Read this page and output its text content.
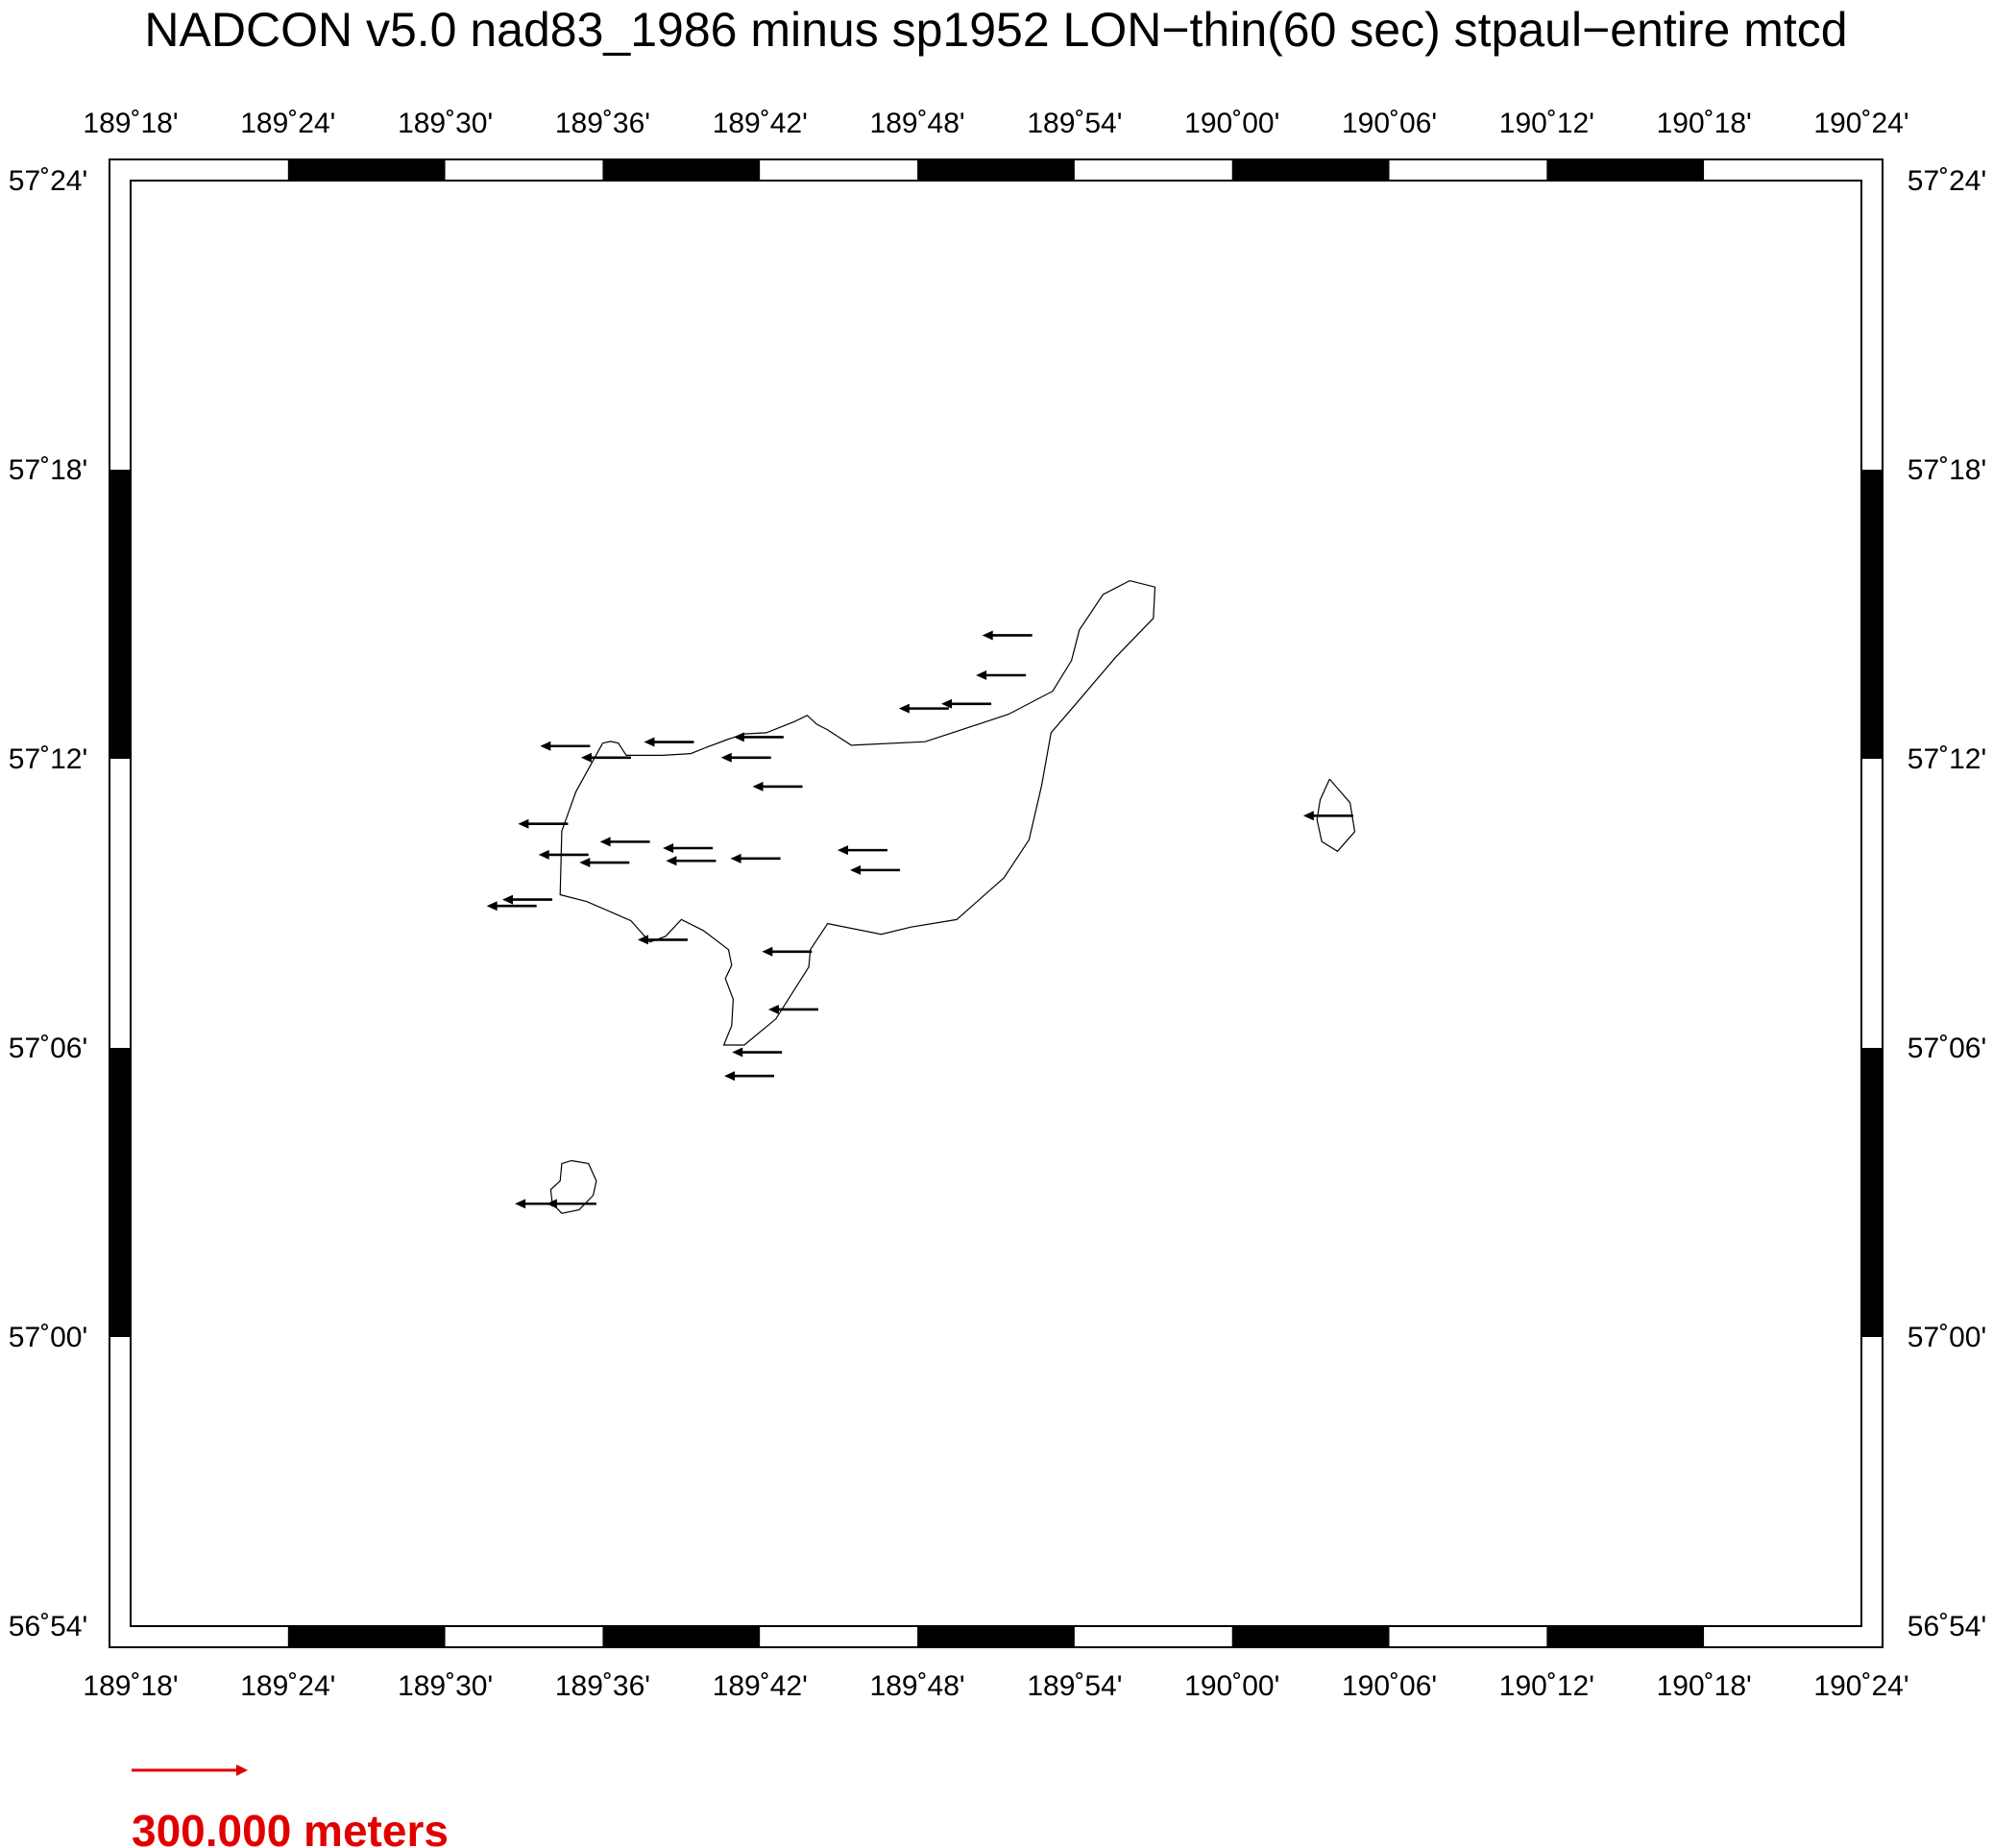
NADCON v5.0 nad83_1986 minus sp1952 LON−thin(60 sec) stpaul−entire mtcd
189˚18'
189˚18'
189˚24'
189˚24'
189˚30'
189˚30'
189˚36'
189˚36'
189˚42'
189˚42'
189˚48'
189˚48'
189˚54'
189˚54'
190˚00'
190˚00'
190˚06'
190˚06'
190˚12'
190˚12'
190˚18'
190˚18'
190˚24'
190˚24'
57˚24'	57˚24'
57˚18'	57˚18'
57˚12'	57˚12'
57˚06'	57˚06'
57˚00'	57˚00'
56˚54'	56˚54'
300.000 meters
